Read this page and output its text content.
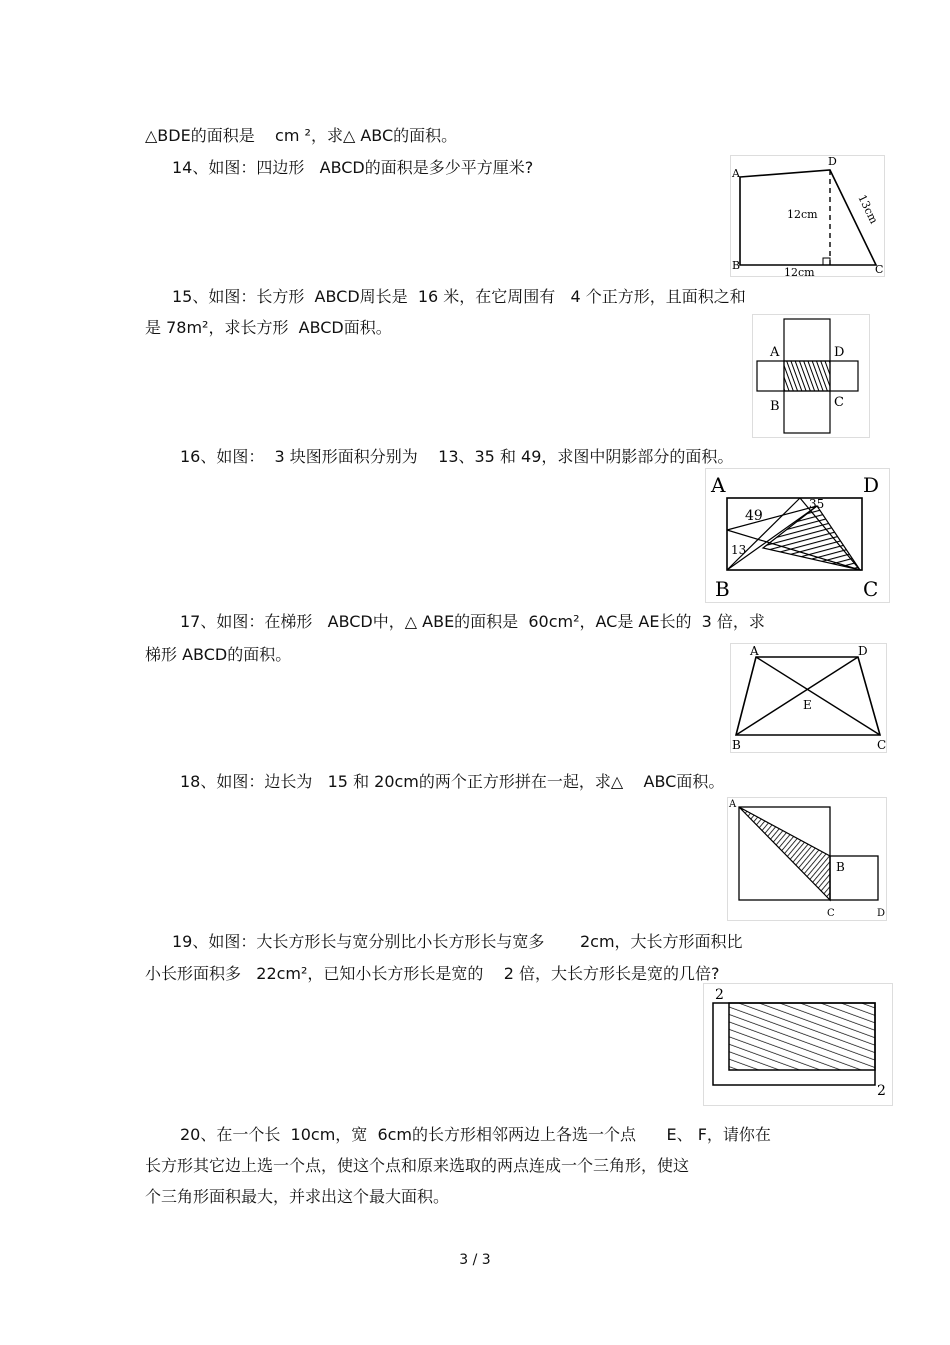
△BDE的面积是    cm ²，求△ ABC的面积。
14、如图：四边形   ABCD的面积是多少平方厘米?
15、如图：长方形  ABCD周长是  16 米，在它周围有   4 个正方形，且面积之和
是 78m²，求长方形  ABCD面积。
16、如图：  3 块图形面积分别为    13、35 和 49，求图中阴影部分的面积。
17、如图：在梯形   ABCD中，△ ABE的面积是  60cm²，AC是 AE长的  3 倍，求
梯形 ABCD的面积。
18、如图：边长为   15 和 20cm的两个正方形拼在一起，求△    ABC面积。
19、如图：大长方形长与宽分别比小长方形长与宽多       2cm，大长方形面积比
小长形面积多   22cm²，已知小长方形长是宽的    2 倍，大长方形长是宽的几倍?
20、在一个长  10cm，宽  6cm的长方形相邻两边上各选一个点      E、 F，请你在
长方形其它边上选一个点，使这个点和原来选取的两点连成一个三角形，使这
个三角形面积最大，并求出这个最大面积。
3 / 3
A
D
B	C
12cm
12cm
13cm
A	D
B	C
A	D
B	C
49
35
13
A	D
B	C
E
A
B
C	D
2
2
